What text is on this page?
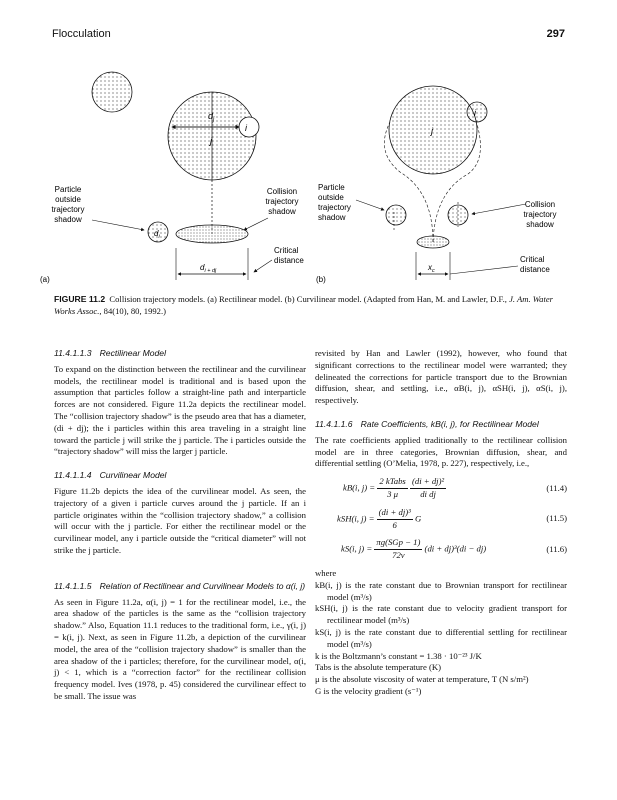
Flocculation	297
i
$d_j$
j
$d_i$
$d_{i + dj}$
Particle
outside
trajectory
shadow
Collision
trajectory
shadow
Critical
distance
(a)
i
j
$x_c$
Particle
outside
trajectory
shadow
Collision
trajectory
shadow
Critical
distance
(b)
FIGURE 11.2 Collision trajectory models. (a) Rectilinear model. (b) Curvilinear model. (Adapted from Han, M. and Lawler, D.F., J. Am. Water Works Assoc., 84(10), 80, 1992.)
11.4.1.1.3 Rectilinear Model

To expand on the distinction between the rectilinear and the curvilinear models, the rectilinear model is traditional and is based upon the assumption that particles follow a straight-line path and interparticle forces are not considered. Figure 11.2a depicts the rectilinear model. The “collision trajectory shadow” is the pseudo area that has a diameter, (di + dj); the i particles within this area traveling in a straight line toward the particle j will strike the j particle. The i particles outside the “trajectory shadow” will miss the larger j particle.

11.4.1.1.4 Curvilinear Model

Figure 11.2b depicts the idea of the curvilinear model. As seen, the trajectory of a given i particle curves around the j particle. If an i particle originates within the “collision trajectory shadow,” a collision will occur with the j particle. For either the rectilinear model or the curvilinear model, any i particle outside the “critical diameter” will not strike the j particle.

11.4.1.1.5 Relation of Rectilinear and Curvilinear Models to α(i, j)

As seen in Figure 11.2a, α(i, j) = 1 for the rectilinear model, i.e., the area shadow of the particles is the same as the “collision trajectory shadow.” Also, Equation 11.1 reduces to the traditional form, i.e., γ(i, j) = k(i, j). Next, as seen in Figure 11.2b, a depiction of the curvilinear model, the area of the “collision trajectory shadow” is smaller than the area shadow of the i particles; therefore, for the curvilinear model, α(i, j) < 1, which is a “correction factor” for the rectilinear collision frequency model. Ives (1978, p. 45) considered the curvilinear effect to be small. The issue was

revisited by Han and Lawler (1992), however, who found that significant corrections to the rectilinear model were warranted; they delineated the corrections for particle transport due to the Brownian diffusion, shear, and settling, i.e., αB(i, j), αSH(i, j), αS(i, j), respectively.

11.4.1.1.6 Rate Coefficients, kB(i, j), for Rectilinear Model

The rate coefficients applied traditionally to the rectilinear collision model are in three categories, Brownian diffusion, shear, and differential settling (O’Melia, 1978, p. 227), respectively, i.e.,

kB(i, $j) = \frac{\text{2 kTabs}}{3 \mu}$
$\frac{\text{(di + dj)²}}{\text{di dj}}$	(11.4)
kSH(i, $j) = \frac{\text{(di + dj)³}}{6}$ G	(11.5)
kS(i, $j) = \frac{\text{πg(SGp − 1)}}{72\nu} (di + dj)^3(di - dj)$	(11.6)

where

kB(i, j) is the rate constant due to Brownian transport for rectilinear model (m³/s)

kSH(i, j) is the rate constant due to velocity gradient transport for rectilinear model (m³/s)

kS(i, j) is the rate constant due to differential settling for rectilinear model (m³/s)

k is the Boltzmann’s constant = 1.38 · 10⁻²³ J/K

Tabs is the absolute temperature (K)

μ is the absolute viscosity of water at temperature, T (N s/m²)

G is the velocity gradient (s⁻¹)
